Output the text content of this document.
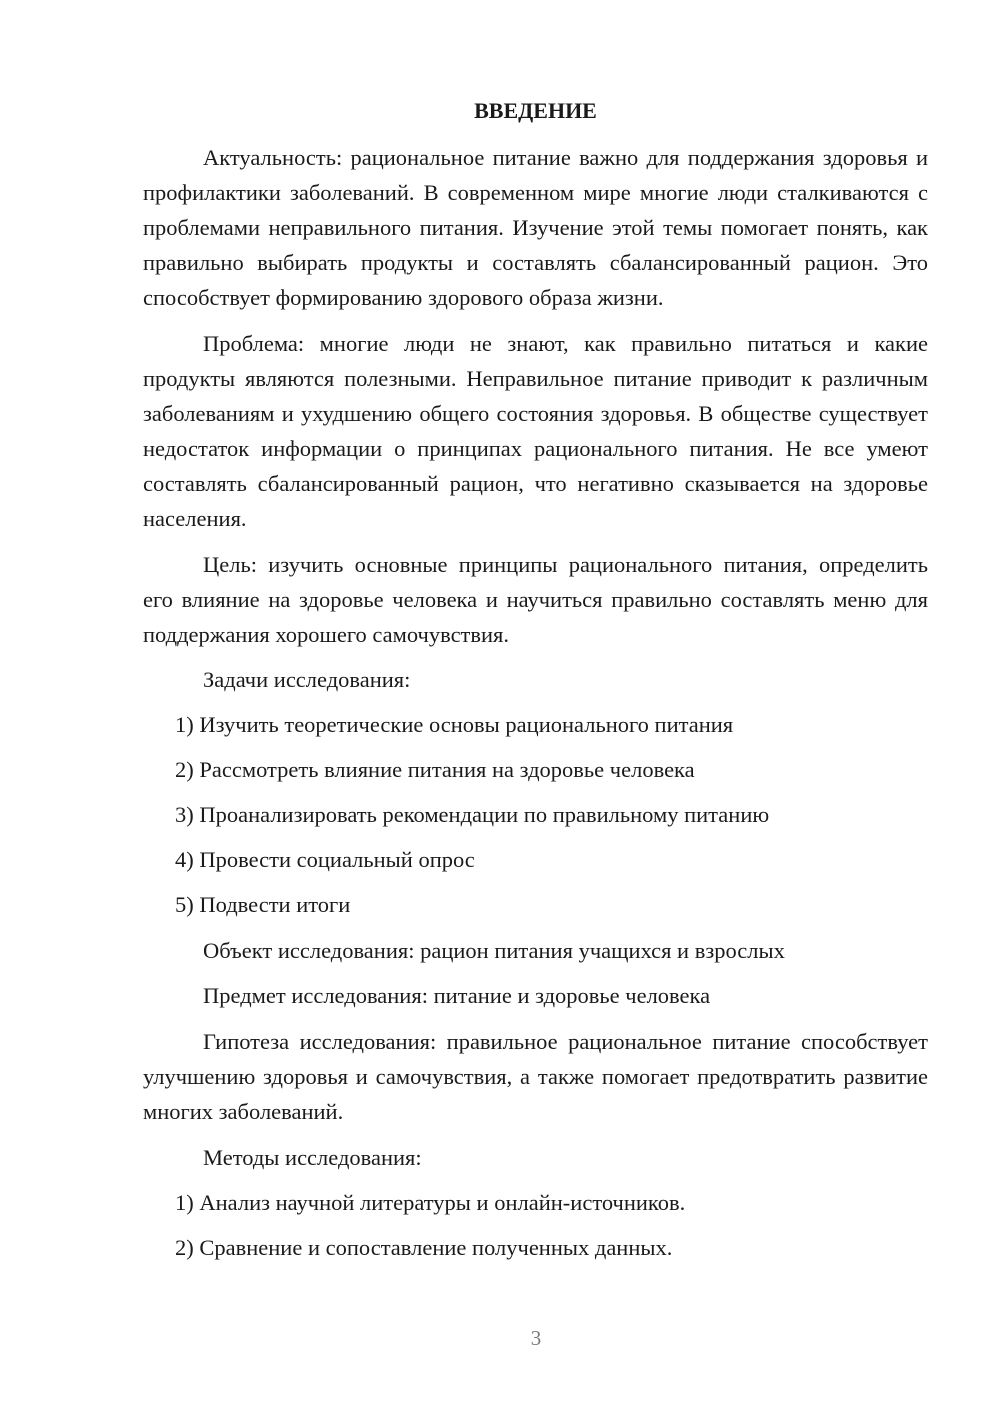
ВВЕДЕНИЕ

Актуальность: рациональное питание важно для поддержания здоровья и профилактики заболеваний. В современном мире многие люди сталкиваются с проблемами неправильного питания. Изучение этой темы помогает понять, как правильно выбирать продукты и составлять сбалансированный рацион. Это способствует формированию здорового образа жизни.

Проблема: многие люди не знают, как правильно питаться и какие продукты являются полезными. Неправильное питание приводит к различным заболеваниям и ухудшению общего состояния здоровья. В обществе существует недостаток информации о принципах рационального питания. Не все умеют составлять сбалансированный рацион, что негативно сказывается на здоровье населения.

Цель: изучить основные принципы рационального питания, определить его влияние на здоровье человека и научиться правильно составлять меню для поддержания хорошего самочувствия.

Задачи исследования:

1) Изучить теоретические основы рационального питания

2) Рассмотреть влияние питания на здоровье человека

3) Проанализировать рекомендации по правильному питанию

4) Провести социальный опрос

5) Подвести итоги

Объект исследования: рацион питания учащихся и взрослых

Предмет исследования: питание и здоровье человека

Гипотеза исследования: правильное рациональное питание способствует улучшению здоровья и самочувствия, а также помогает предотвратить развитие многих заболеваний.

Методы исследования:

1) Анализ научной литературы и онлайн-источников.

2) Сравнение и сопоставление полученных данных.

3
